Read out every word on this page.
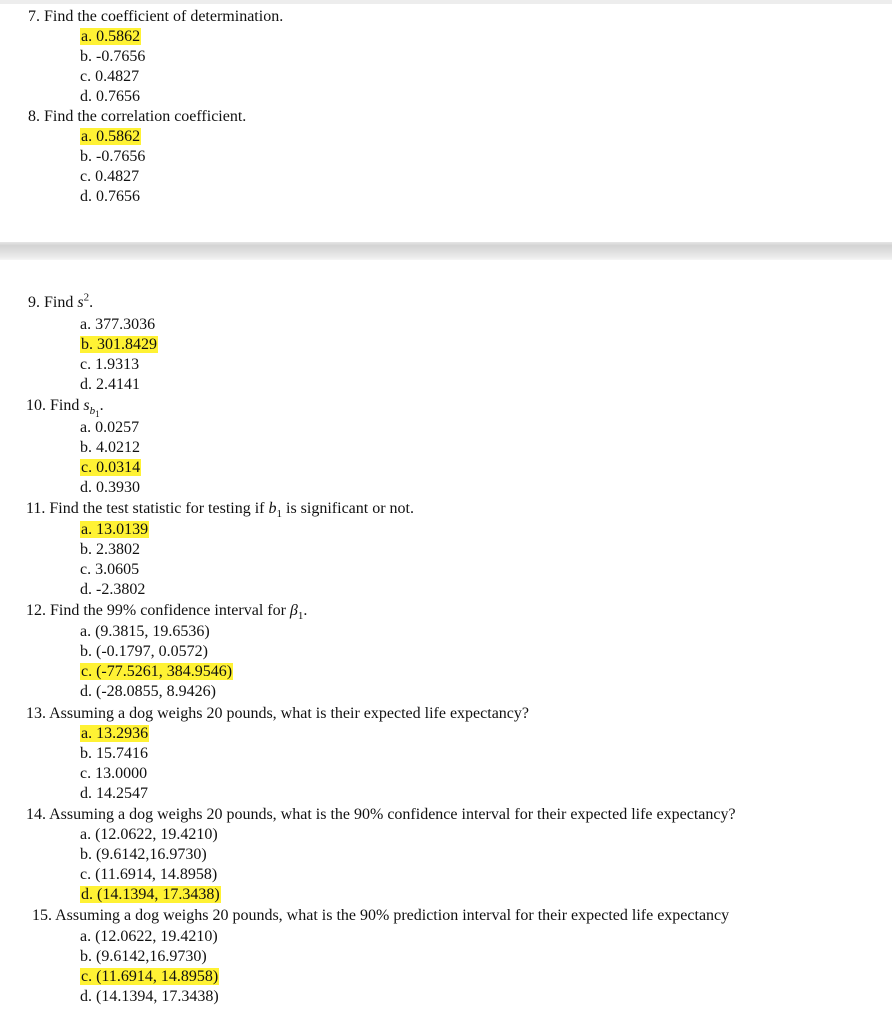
7. Find the coefficient of determination.
a. 0.5862
b. -0.7656
c. 0.4827
d. 0.7656
8. Find the correlation coefficient.
a. 0.5862
b. -0.7656
c. 0.4827
d. 0.7656
9. Find $s^2$.
a. 377.3036
b. 301.8429
c. 1.9313
d. 2.4141
10. Find $s_{b_1}$.
a. 0.0257
b. 4.0212
c. 0.0314
d. 0.3930
11. Find the test statistic for testing if $b_1$ is significant or not.
a. 13.0139
b. 2.3802
c. 3.0605
d. -2.3802
12. Find the 99% confidence interval for $\beta_1$.
a. (9.3815, 19.6536)
b. (-0.1797, 0.0572)
c. (-77.5261, 384.9546)
d. (-28.0855, 8.9426)
13. Assuming a dog weighs 20 pounds, what is their expected life expectancy?
a. 13.2936
b. 15.7416
c. 13.0000
d. 14.2547
14. Assuming a dog weighs 20 pounds, what is the 90% confidence interval for their expected life expectancy?
a. (12.0622, 19.4210)
b. (9.6142,16.9730)
c. (11.6914, 14.8958)
d. (14.1394, 17.3438)
15. Assuming a dog weighs 20 pounds, what is the 90% prediction interval for their expected life expectancy
a. (12.0622, 19.4210)
b. (9.6142,16.9730)
c. (11.6914, 14.8958)
d. (14.1394, 17.3438)
